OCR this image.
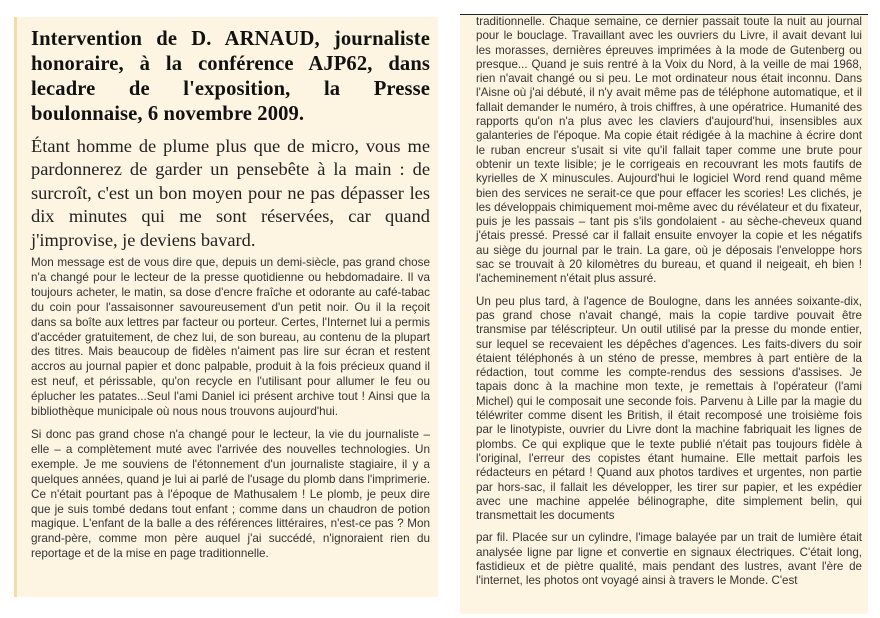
Intervention de D. ARNAUD, journaliste honoraire, à la conférence AJP62, dans lecadre de l'exposition, la Presse boulonnaise, 6 novembre 2009.

Étant homme de plume plus que de micro, vous me pardonnerez de garder un pensebête à la main : de surcroît, c'est un bon moyen pour ne pas dépasser les dix minutes qui me sont réservées, car quand j'improvise, je deviens bavard.

Mon message est de vous dire que, depuis un demi-siècle, pas grand chose n'a changé pour le lecteur de la presse quotidienne ou hebdomadaire. Il va toujours acheter, le matin, sa dose d'encre fraîche et odorante au café-tabac du coin pour l'assaisonner savoureusement d'un petit noir. Ou il la reçoit dans sa boîte aux lettres par facteur ou porteur. Certes, l'Internet lui a permis d'accéder gratuitement, de chez lui, de son bureau, au contenu de la plupart des titres. Mais beaucoup de fidèles n'aiment pas lire sur écran et restent accros au journal papier et donc palpable, produit à la fois précieux quand il est neuf, et périssable, qu'on recycle en l'utilisant pour allumer le feu ou éplucher les patates...Seul l'ami Daniel ici présent archive tout ! Ainsi que la bibliothèque municipale où nous nous trouvons aujourd'hui.

Si donc pas grand chose n'a changé pour le lecteur, la vie du journaliste – elle – a complètement muté avec l'arrivée des nouvelles technologies. Un exemple. Je me souviens de l'étonnement d'un journaliste stagiaire, il y a quelques années, quand je lui ai parlé de l'usage du plomb dans l'imprimerie. Ce n'était pourtant pas à l'époque de Mathusalem ! Le plomb, je peux dire que je suis tombé dedans tout enfant ; comme dans un chaudron de potion magique. L'enfant de la balle a des références littéraires, n'est-ce pas ? Mon grand-père, comme mon père auquel j'ai succédé, n'ignoraient rien du reportage et de la mise en page traditionnelle.

traditionnelle. Chaque semaine, ce dernier passait toute la nuit au journal pour le bouclage. Travaillant avec les ouvriers du Livre, il avait devant lui les morasses, dernières épreuves imprimées à la mode de Gutenberg ou presque... Quand je suis rentré à la Voix du Nord, à la veille de mai 1968, rien n'avait changé ou si peu. Le mot ordinateur nous était inconnu. Dans l'Aisne où j'ai débuté, il n'y avait même pas de téléphone automatique, et il fallait demander le numéro, à trois chiffres, à une opératrice. Humanité des rapports qu'on n'a plus avec les claviers d'aujourd'hui, insensibles aux galanteries de l'époque. Ma copie était rédigée à la machine à écrire dont le ruban encreur s'usait si vite qu'il fallait taper comme une brute pour obtenir un texte lisible; je le corrigeais en recouvrant les mots fautifs de kyrielles de X minuscules. Aujourd'hui le logiciel Word rend quand même bien des services ne serait-ce que pour effacer les scories! Les clichés, je les développais chimiquement moi-même avec du révélateur et du fixateur, puis je les passais – tant pis s'ils gondolaient - au sèche-cheveux quand j'étais pressé. Pressé car il fallait ensuite envoyer la copie et les négatifs au siège du journal par le train. La gare, où je déposais l'enveloppe hors sac se trouvait à 20 kilomètres du bureau, et quand il neigeait, eh bien ! l'acheminement n'était plus assuré.

Un peu plus tard, à l'agence de Boulogne, dans les années soixante-dix, pas grand chose n'avait changé, mais la copie tardive pouvait être transmise par téléscripteur. Un outil utilisé par la presse du monde entier, sur lequel se recevaient les dépêches d'agences. Les faits-divers du soir étaient téléphonés à un sténo de presse, membres à part entière de la rédaction, tout comme les compte-rendus des sessions d'assises. Je tapais donc à la machine mon texte, je remettais à l'opérateur (l'ami Michel) qui le composait une seconde fois. Parvenu à Lille par la magie du téléwriter comme disent les British, il était recomposé une troisième fois par le linotypiste, ouvrier du Livre dont la machine fabriquait les lignes de plombs. Ce qui explique que le texte publié n'était pas toujours fidèle à l'original, l'erreur des copistes étant humaine. Elle mettait parfois les rédacteurs en pétard ! Quand aux photos tardives et urgentes, non partie par hors-sac, il fallait les développer, les tirer sur papier, et les expédier avec une machine appelée bélinographe, dite simplement belin, qui transmettait les documents

par fil. Placée sur un cylindre, l'image balayée par un trait de lumière était analysée ligne par ligne et convertie en signaux électriques. C'était long, fastidieux et de piètre qualité, mais pendant des lustres, avant l'ère de l'internet, les photos ont voyagé ainsi à travers le Monde. C'est
